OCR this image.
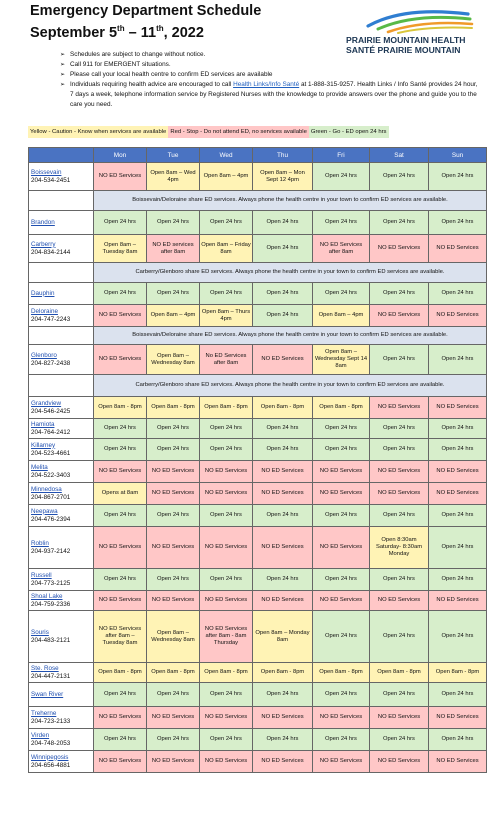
Emergency Department Schedule
September 5th – 11th, 2022	PRAIRIE MOUNTAIN HEALTH
SANTÉ PRAIRIE MOUNTAIN
➢ Schedules are subject to change without notice.
➢ Call 911 for EMERGENT situations.
➢ Please call your local health centre to confirm ED services are available
➢ Individuals requiring health advice are encouraged to call Health Links/Info Santé at 1-888-315-9257. Health Links / Info Santé provides 24 hour, 7 days a week, telephone information service by Registered Nurses with the knowledge to provide answers over the phone and guide you to the care you need.
Yellow - Caution - Know when services are available Red - Stop - Do not attend ED, no services available Green - Go - ED open 24 hrs
	Mon	Tue	Wed	Thu	Fri	Sat	Sun

Boissevain
204-534-2451	NO ED Services	Open 8am – Wed 4pm	Open 8am – 4pm	Open 8am – Mon Sept 12 4pm	Open 24 hrs	Open 24 hrs	Open 24 hrs
	Boissevain/Deloraine share ED services. Always phone the health centre in your town to confirm ED services are available.						

Brandon	Open 24 hrs	Open 24 hrs	Open 24 hrs	Open 24 hrs	Open 24 hrs	Open 24 hrs	Open 24 hrs

Carberry
204-834-2144	Open 8am – Tuesday 8am	NO ED services after 8am	Open 8am – Friday 8am	Open 24 hrs	NO ED Services after 8am	NO ED Services	NO ED Services
	Carberry/Glenboro share ED services. Always phone the health centre in your town to confirm ED services are available.						

Dauphin	Open 24 hrs	Open 24 hrs	Open 24 hrs	Open 24 hrs	Open 24 hrs	Open 24 hrs	Open 24 hrs

Deloraine
204-747-2243	NO ED Services	Open 8am – 4pm	Open 8am – Thurs 4pm	Open 24 hrs	Open 8am – 4pm	NO ED Services	NO ED Services
	Boissevain/Deloraine share ED services. Always phone the health centre in your town to confirm ED services are available.						

Glenboro
204-827-2438	NO ED Services	Open 8am – Wednesday 8am	No ED Services after 8am	NO ED Services	Open 8am – Wednesday Sept 14 8am	Open 24 hrs	Open 24 hrs
	Carberry/Glenboro share ED services. Always phone the health centre in your town to confirm ED services are available.						

Grandview
204-546-2425	Open 8am - 8pm	Open 8am - 8pm	Open 8am - 8pm	Open 8am - 8pm	Open 8am - 8pm	NO ED Services	NO ED Services

Hamiota
204-764-2412	Open 24 hrs	Open 24 hrs	Open 24 hrs	Open 24 hrs	Open 24 hrs	Open 24 hrs	Open 24 hrs

Killarney
204-523-4661	Open 24 hrs	Open 24 hrs	Open 24 hrs	Open 24 hrs	Open 24 hrs	Open 24 hrs	Open 24 hrs

Melita
204-522-3403	NO ED Services	NO ED Services	NO ED Services	NO ED Services	NO ED Services	NO ED Services	NO ED Services

Minnedosa
204-867-2701	Opens at 8am	NO ED Services	NO ED Services	NO ED Services	NO ED Services	NO ED Services	NO ED Services

Neepawa
204-476-2394	Open 24 hrs	Open 24 hrs	Open 24 hrs	Open 24 hrs	Open 24 hrs	Open 24 hrs	Open 24 hrs

Roblin
204-937-2142	NO ED Services	NO ED Services	NO ED Services	NO ED Services	NO ED Services	Open 8:30am Saturday- 8:30am Monday	Open 24 hrs

Russell
204-773-2125	Open 24 hrs	Open 24 hrs	Open 24 hrs	Open 24 hrs	Open 24 hrs	Open 24 hrs	Open 24 hrs

Shoal Lake
204-759-2336	NO ED Services	NO ED Services	NO ED Services	NO ED Services	NO ED Services	NO ED Services	NO ED Services

Souris
204-483-2121	NO ED Services after 8am – Tuesday 8am	Open 8am – Wednesday 8am	NO ED Services after 8am - 8am Thursday	Open 8am – Monday 8am	Open 24 hrs	Open 24 hrs	Open 24 hrs

Ste. Rose
204-447-2131	Open 8am - 8pm	Open 8am - 8pm	Open 8am - 8pm	Open 8am - 8pm	Open 8am - 8pm	Open 8am - 8pm	Open 8am - 8pm

Swan River	Open 24 hrs	Open 24 hrs	Open 24 hrs	Open 24 hrs	Open 24 hrs	Open 24 hrs	Open 24 hrs

Treherne
204-723-2133	NO ED Services	NO ED Services	NO ED Services	NO ED Services	NO ED Services	NO ED Services	NO ED Services

Virden
204-748-2053	Open 24 hrs	Open 24 hrs	Open 24 hrs	Open 24 hrs	Open 24 hrs	Open 24 hrs	Open 24 hrs

Winnipegosis
204-656-4881	NO ED Services	NO ED Services	NO ED Services	NO ED Services	NO ED Services	NO ED Services	NO ED Services
